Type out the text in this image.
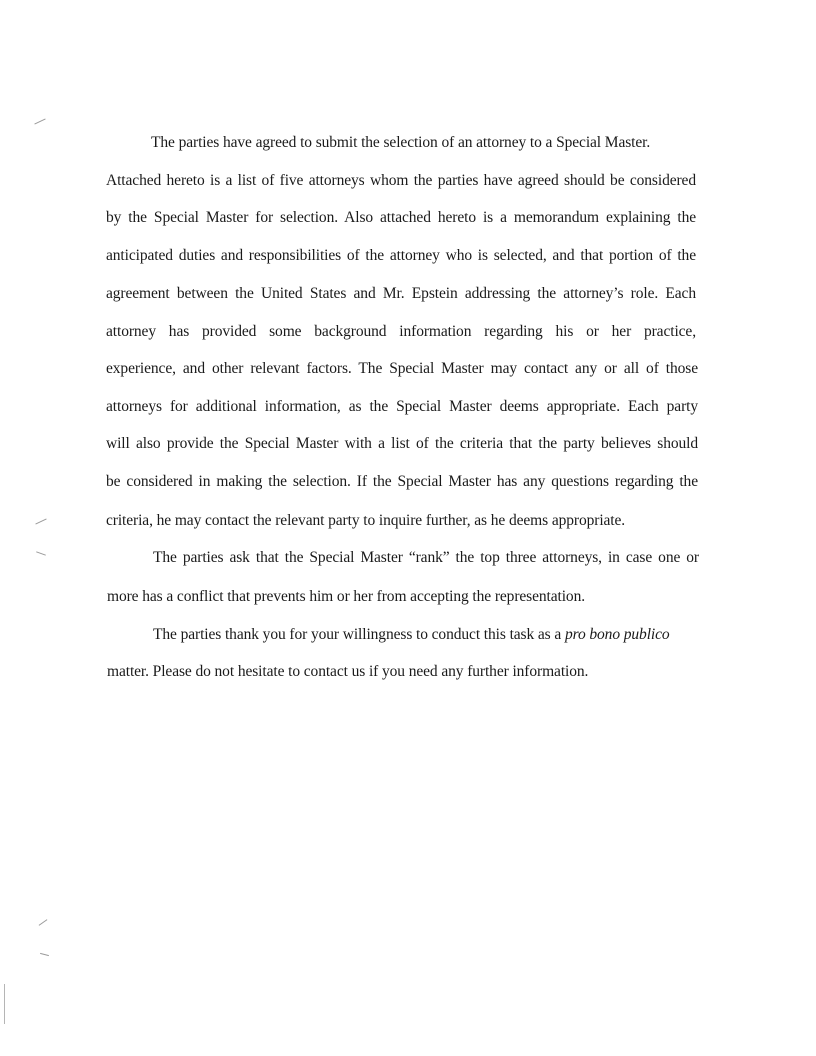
The parties have agreed to submit the selection of an attorney to a Special Master.
Attached hereto is a list of five attorneys whom the parties have agreed should be considered
by the Special Master for selection. Also attached hereto is a memorandum explaining the
anticipated duties and responsibilities of the attorney who is selected, and that portion of the
agreement between the United States and Mr. Epstein addressing the attorney’s role. Each
attorney has provided some background information regarding his or her practice,
experience, and other relevant factors. The Special Master may contact any or all of those
attorneys for additional information, as the Special Master deems appropriate. Each party
will also provide the Special Master with a list of the criteria that the party believes should
be considered in making the selection. If the Special Master has any questions regarding the
criteria, he may contact the relevant party to inquire further, as he deems appropriate.
The parties ask that the Special Master “rank” the top three attorneys, in case one or
more has a conflict that prevents him or her from accepting the representation.
The parties thank you for your willingness to conduct this task as a pro bono publico
matter. Please do not hesitate to contact us if you need any further information.
